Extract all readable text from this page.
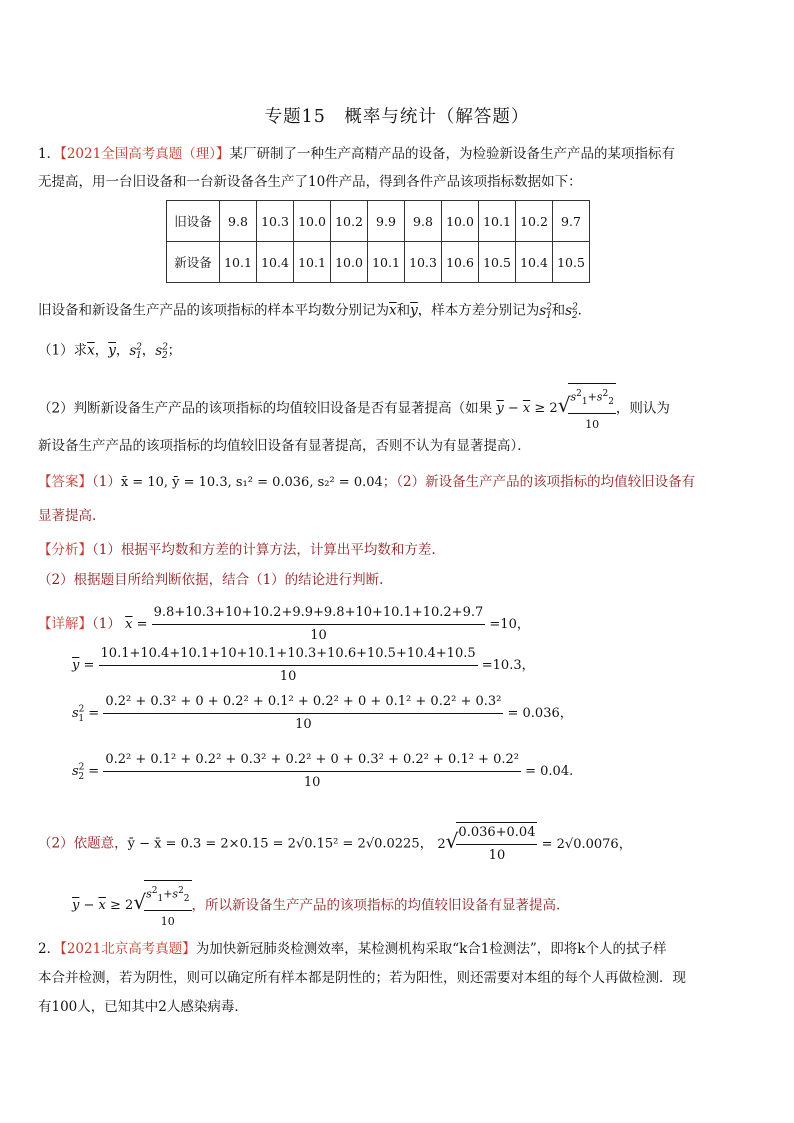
专题15　概率与统计（解答题）
1．【2021全国高考真题（理）】某厂研制了一种生产高精产品的设备，为检验新设备生产产品的某项指标有
无提高，用一台旧设备和一台新设备各生产了10件产品，得到各件产品该项指标数据如下：
旧设备	9.8	10.3	10.0	10.2	9.9	9.8	10.0	10.1	10.2	9.7
新设备	10.1	10.4	10.1	10.0	10.1	10.3	10.6	10.5	10.4	10.5
旧设备和新设备生产产品的该项指标的样本平均数分别记为$\overline{x}$和$\overline{y}$，样本方差分别记为$s^2_1$和$s^2_2$．
（1）求$\overline{x}$，$\overline{y}$，$s^2_1$，$s^2_2$；
（2）判断新设备生产产品的该项指标的均值较旧设备是否有显著提高（如果 $\overline{y} - \overline{x} \ge 2√$
$\frac{s^2_1+s^2_2}{10}$ ，则认为
新设备生产产品的该项指标的均值较旧设备有显著提高，否则不认为有显著提高）．
【答案】（1）x̄ = 10, ȳ = 10.3, s₁² = 0.036, s₂² = 0.04；（2）新设备生产产品的该项指标的均值较旧设备有
显著提高.
【分析】（1）根据平均数和方差的计算方法，计算出平均数和方差.
（2）根据题目所给判断依据，结合（1）的结论进行判断.
【详解】（1） $\overline{x} = \frac{9.8+10.3+10+10.2+9.9+9.8+10+10.1+10.2+9.7}{10} =10$，
$\overline{y} = \frac{10.1+10.4+10.1+10+10.1+10.3+10.6+10.5+10.4+10.5}{10} =10.3$，
$s^2_1$ =
0.2² + 0.3² + 0 + 0.2² + 0.1² + 0.2² + 0 + 0.1² + 0.2² + 0.3²
10
= 0.036，
$s^2_2$ =
0.2² + 0.1² + 0.2² + 0.3² + 0.2² + 0 + 0.3² + 0.2² + 0.1² + 0.2²
10
= 0.04.
（2）依题意，ȳ − x̄ = 0.3 = 2×0.15 = 2√0.15² = 2√0.0225， 2√
$\frac{0.036+0.04}{10} = 2√0.0076$，
$\overline{y} - \overline{x} \ge 2√$
$\frac{s^2_1+s^2_2}{10}$ ，所以新设备生产产品的该项指标的均值较旧设备有显著提高.
2．【2021北京高考真题】为加快新冠肺炎检测效率，某检测机构采取“k合1检测法”，即将k个人的拭子样
本合并检测，若为阴性，则可以确定所有样本都是阴性的；若为阳性，则还需要对本组的每个人再做检测．现
有100人，已知其中2人感染病毒．
